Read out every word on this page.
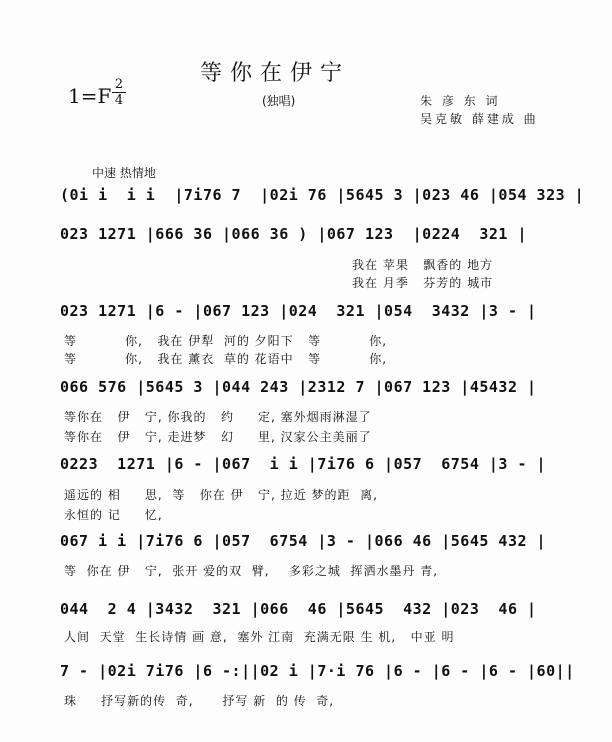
等你在伊宁
(独唱)
1=F 2
4	朱 彦 东 词
吴克敏 薛建成 曲
中速 热情地
(0i i  i i  |7i76 7  |02i 76 |5645 3 |023 46 |054 323 |
023 1271 |666 36 |066 36 ) |067 123  |0224  321 |
023 1271 |6 - |067 123 |024  321 |054  3432 |3 - |
066 576 |5645 3 |044 243 |2312 7 |067 123 |45432 |
0223  1271 |6 - |067  i i |7i76 6 |057  6754 |3 - |
067 i i |7i76 6 |057  6754 |3 - |066 46 |5645 432 |
044  2 4 |3432  321 |066  46 |5645  432 |023  46 |
7 - |02i 7i76 |6 -:||02 i |7·i 76 |6 - |6 - |6 - |60||
我在 苹果   飘香的 地方
我在 月季   芬芳的 城市
等          你,   我在 伊犁  河的 夕阳下   等          你,
等          你,   我在 薰衣  草的 花语中   等          你,
等你在   伊   宁, 你我的   约     定, 塞外烟雨淋湿了
等你在   伊   宁, 走进梦   幻     里, 汉家公主美丽了
遥远的 相     思,  等   你在 伊   宁, 拉近 梦的距  离,
永恒的 记     忆,
等  你在 伊   宁,  张开 爱的双  臂,    多彩之城  挥洒水墨丹 青,
人间  天堂  生长诗情 画 意,  塞外 江南  充满无限 生 机,   中亚 明
珠     抒写新的传  奇,      抒写 新  的 传  奇,
